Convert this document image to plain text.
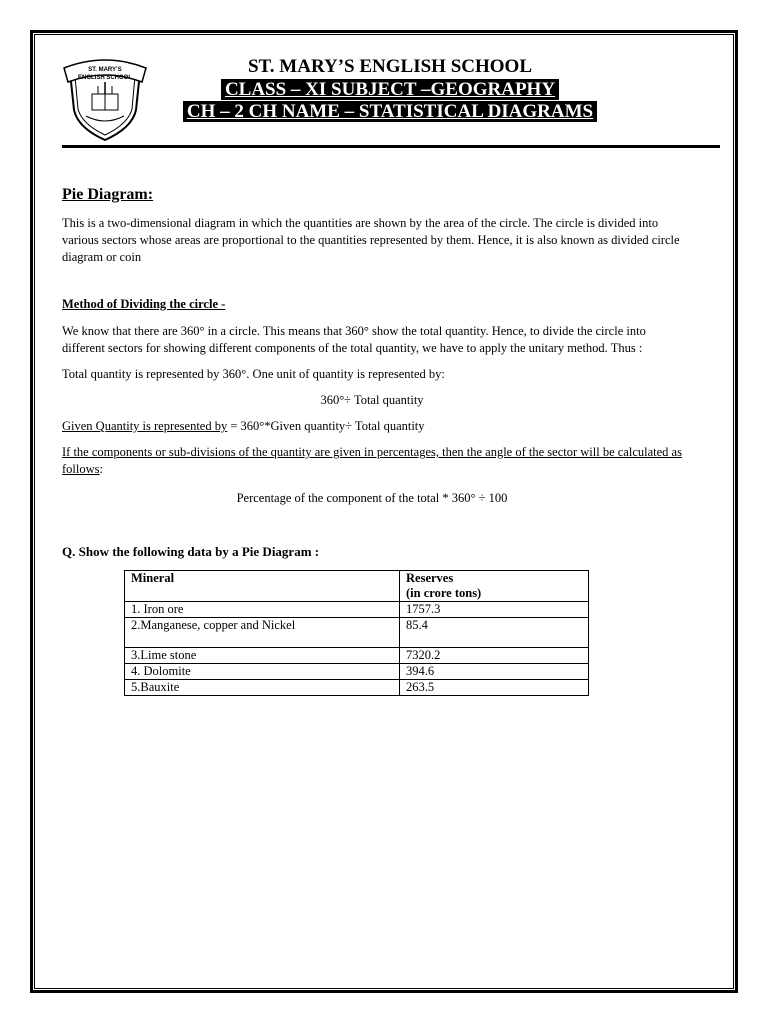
ST. MARY’S
ENGLISH SCHOOL
ST. MARY’S ENGLISH SCHOOL
CLASS – XI SUBJECT –GEOGRAPHY
CH – 2 CH NAME – STATISTICAL DIAGRAMS
Pie Diagram:

This is a two-dimensional diagram in which the quantities are shown by the area of the circle. The circle is divided into various sectors whose areas are proportional to the quantities represented by them. Hence, it is also known as divided circle diagram or coin

Method of Dividing the circle -

We know that there are 360° in a circle. This means that 360° show the total quantity. Hence, to divide the circle into different sectors for showing different components of the total quantity, we have to apply the unitary method. Thus :

Total quantity is represented by 360°. One unit of quantity is represented by:

360°÷ Total quantity

Given Quantity is represented by = 360°*Given quantity÷ Total quantity

If the components or sub-divisions of the quantity are given in percentages, then the angle of the sector will be calculated as follows:

Percentage of the component of the total * 360° ÷ 100

Q. Show the following data by a Pie Diagram :
Mineral	Reserves
(in crore tons)
1. Iron ore	1757.3
2.Manganese, copper and Nickel	85.4
3.Lime stone	7320.2
4. Dolomite	394.6
5.Bauxite	263.5
